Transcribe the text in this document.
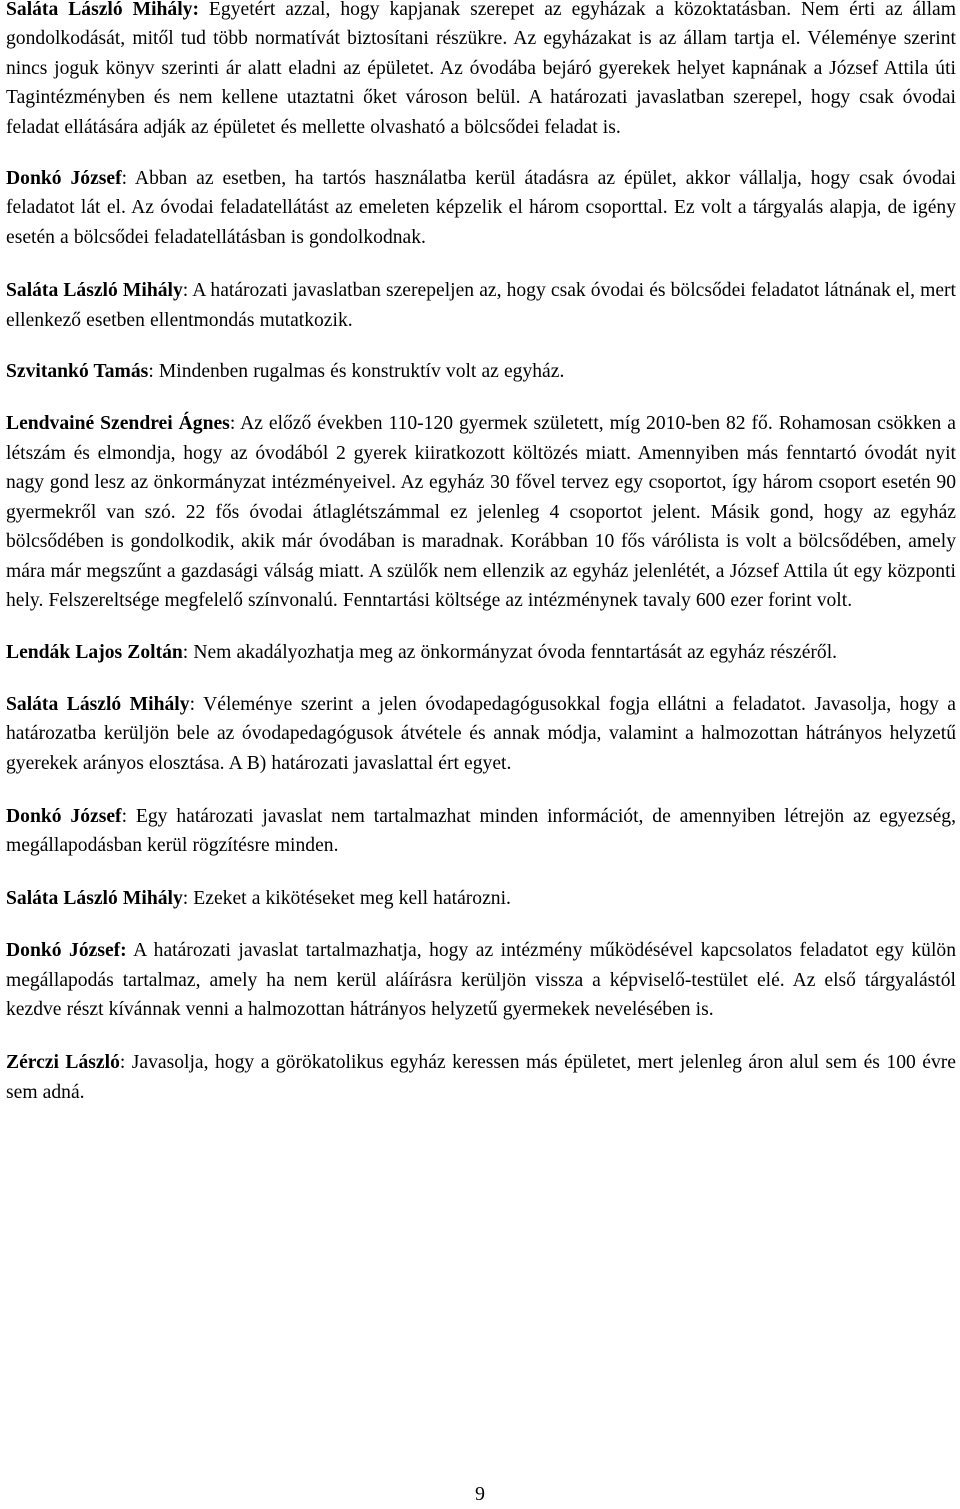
Saláta László Mihály: Egyetért azzal, hogy kapjanak szerepet az egyházak a közoktatásban. Nem érti az állam gondolkodását, mitől tud több normatívát biztosítani részükre. Az egyházakat is az állam tartja el. Véleménye szerint nincs joguk könyv szerinti ár alatt eladni az épületet. Az óvodába bejáró gyerekek helyet kapnának a József Attila úti Tagintézményben és nem kellene utaztatni őket városon belül. A határozati javaslatban szerepel, hogy csak óvodai feladat ellátására adják az épületet és mellette olvasható a bölcsődei feladat is.

Donkó József: Abban az esetben, ha tartós használatba kerül átadásra az épület, akkor vállalja, hogy csak óvodai feladatot lát el. Az óvodai feladatellátást az emeleten képzelik el három csoporttal. Ez volt a tárgyalás alapja, de igény esetén a bölcsődei feladatellátásban is gondolkodnak.

Saláta László Mihály: A határozati javaslatban szerepeljen az, hogy csak óvodai és bölcsődei feladatot látnának el, mert ellenkező esetben ellentmondás mutatkozik.

Szvitankó Tamás: Mindenben rugalmas és konstruktív volt az egyház.

Lendvainé Szendrei Ágnes: Az előző években 110-120 gyermek született, míg 2010-ben 82 fő. Rohamosan csökken a létszám és elmondja, hogy az óvodából 2 gyerek kiiratkozott költözés miatt. Amennyiben más fenntartó óvodát nyit nagy gond lesz az önkormányzat intézményeivel. Az egyház 30 fővel tervez egy csoportot, így három csoport esetén 90 gyermekről van szó. 22 fős óvodai átlaglétszámmal ez jelenleg 4 csoportot jelent. Másik gond, hogy az egyház bölcsődében is gondolkodik, akik már óvodában is maradnak. Korábban 10 fős várólista is volt a bölcsődében, amely mára már megszűnt a gazdasági válság miatt. A szülők nem ellenzik az egyház jelenlétét, a József Attila út egy központi hely. Felszereltsége megfelelő színvonalú. Fenntartási költsége az intézménynek tavaly 600 ezer forint volt.

Lendák Lajos Zoltán: Nem akadályozhatja meg az önkormányzat óvoda fenntartását az egyház részéről.

Saláta László Mihály: Véleménye szerint a jelen óvodapedagógusokkal fogja ellátni a feladatot. Javasolja, hogy a határozatba kerüljön bele az óvodapedagógusok átvétele és annak módja, valamint a halmozottan hátrányos helyzetű gyerekek arányos elosztása. A B) határozati javaslattal ért egyet.

Donkó József: Egy határozati javaslat nem tartalmazhat minden információt, de amennyiben létrejön az egyezség, megállapodásban kerül rögzítésre minden.

Saláta László Mihály: Ezeket a kikötéseket meg kell határozni.

Donkó József: A határozati javaslat tartalmazhatja, hogy az intézmény működésével kapcsolatos feladatot egy külön megállapodás tartalmaz, amely ha nem kerül aláírásra kerüljön vissza a képviselő-testület elé. Az első tárgyalástól kezdve részt kívánnak venni a halmozottan hátrányos helyzetű gyermekek nevelésében is.

Zérczi László: Javasolja, hogy a görökatolikus egyház keressen más épületet, mert jelenleg áron alul sem és 100 évre sem adná.

9
